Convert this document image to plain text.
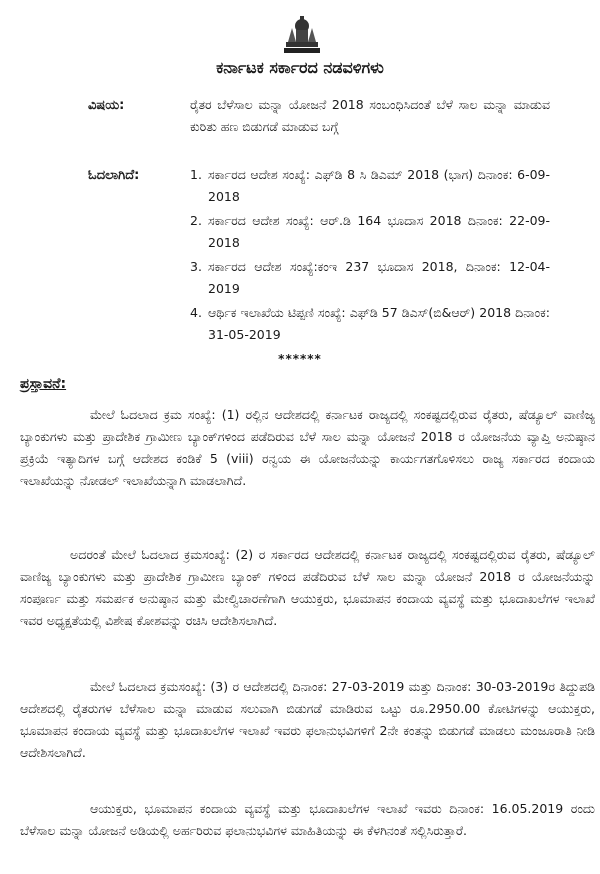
ಕರ್ನಾಟಕ ಸರ್ಕಾರದ ನಡವಳಿಗಳು
ವಿಷಯ:	ರೈತರ ಬೆಳೆಸಾಲ ಮನ್ನಾ ಯೋಜನೆ 2018 ಸಂಬಂಧಿಸಿದಂತೆ ಬೆಳೆ ಸಾಲ ಮನ್ನಾ ಮಾಡುವ ಕುರಿತು ಹಣ ಬಿಡುಗಡೆ ಮಾಡುವ ಬಗ್ಗೆ
ಓದಲಾಗಿದೆ:	1. ಸರ್ಕಾರದ ಆದೇಶ ಸಂಖ್ಯೆ: ಎಫ್‌ಡಿ 8 ಸಿ ಡಿಎಮ್ 2018 (ಭಾಗ) ದಿನಾಂಕ: 6-09-2018
2. ಸರ್ಕಾರದ ಆದೇಶ ಸಂಖ್ಯೆ: ಆರ್.ಡಿ 164 ಭೂದಾಸ 2018 ದಿನಾಂಕ: 22-09-2018
3. ಸರ್ಕಾರದ ಆದೇಶ ಸಂಖ್ಯೆ:ಕಂಇ 237 ಭೂದಾಸ 2018, ದಿನಾಂಕ: 12-04-2019
4. ಆರ್ಥಿಕ ಇಲಾಖೆಯ ಟಿಪ್ಪಣಿ ಸಂಖ್ಯೆ: ಎಫ್‌ಡಿ 57 ಡಿಎಸ್(ಬಿ&ಆರ್) 2018 ದಿನಾಂಕ: 31-05-2019
******
ಪ್ರಸ್ತಾವನೆ:
ಮೇಲೆ ಓದಲಾದ ಕ್ರಮ ಸಂಖ್ಯೆ: (1) ರಲ್ಲಿನ ಆದೇಶದಲ್ಲಿ ಕರ್ನಾಟಕ ರಾಜ್ಯದಲ್ಲಿ ಸಂಕಷ್ಟದಲ್ಲಿರುವ ರೈತರು, ಷೆಡ್ಯೂಲ್ ವಾಣಿಜ್ಯ ಬ್ಯಾಂಕುಗಳು ಮತ್ತು ಪ್ರಾದೇಶಿಕ ಗ್ರಾಮೀಣ ಬ್ಯಾಂಕ್‌ಗಳಿಂದ ಪಡೆದಿರುವ ಬೆಳೆ ಸಾಲ ಮನ್ನಾ ಯೋಜನೆ 2018 ರ ಯೋಜನೆಯ ವ್ಯಾಪ್ತಿ ಅನುಷ್ಠಾನ ಪ್ರಕ್ರಿಯೆ ಇತ್ಯಾದಿಗಳ ಬಗ್ಗೆ ಆದೇಶದ ಕಂಡಿಕೆ 5 (viii) ರನ್ವಯ ಈ ಯೋಜನೆಯನ್ನು ಕಾರ್ಯಗತಗೊಳಿಸಲು ರಾಜ್ಯ ಸರ್ಕಾರದ ಕಂದಾಯ ಇಲಾಖೆಯನ್ನು ನೋಡಲ್ ಇಲಾಖೆಯನ್ನಾಗಿ ಮಾಡಲಾಗಿದೆ.
ಅದರಂತೆ ಮೇಲೆ ಓದಲಾದ ಕ್ರಮಸಂಖ್ಯೆ: (2) ರ ಸರ್ಕಾರದ ಆದೇಶದಲ್ಲಿ ಕರ್ನಾಟಕ ರಾಜ್ಯದಲ್ಲಿ ಸಂಕಷ್ಟದಲ್ಲಿರುವ ರೈತರು, ಷೆಡ್ಯೂಲ್ ವಾಣಿಜ್ಯ ಬ್ಯಾಂಕುಗಳು ಮತ್ತು ಪ್ರಾದೇಶಿಕ ಗ್ರಾಮೀಣ ಬ್ಯಾಂಕ್ ಗಳಿಂದ ಪಡೆದಿರುವ ಬೆಳೆ ಸಾಲ ಮನ್ನಾ ಯೋಜನೆ 2018 ರ ಯೋಜನೆಯನ್ನು ಸಂಪೂರ್ಣ ಮತ್ತು ಸಮರ್ಪಕ ಅನುಷ್ಠಾನ ಮತ್ತು ಮೇಲ್ವಿಚಾರಣೆಗಾಗಿ ಆಯುಕ್ತರು, ಭೂಮಾಪನ ಕಂದಾಯ ವ್ಯವಸ್ಥೆ ಮತ್ತು ಭೂದಾಖಲೆಗಳ ಇಲಾಖೆ ಇವರ ಅಧ್ಯಕ್ಷತೆಯಲ್ಲಿ ವಿಶೇಷ ಕೋಶವನ್ನು ರಚಿಸಿ ಆದೇಶಿಸಲಾಗಿದೆ.
ಮೇಲೆ ಓದಲಾದ ಕ್ರಮಸಂಖ್ಯೆ: (3) ರ ಆದೇಶದಲ್ಲಿ ದಿನಾಂಕ: 27-03-2019 ಮತ್ತು ದಿನಾಂಕ: 30-03-2019ರ ತಿದ್ದುಪಡಿ ಆದೇಶದಲ್ಲಿ ರೈತರುಗಳ ಬೆಳೆಸಾಲ ಮನ್ನಾ ಮಾಡುವ ಸಲುವಾಗಿ ಬಿಡುಗಡೆ ಮಾಡಿರುವ ಒಟ್ಟು ರೂ.2950.00 ಕೋಟಿಗಳನ್ನು ಆಯುಕ್ತರು, ಭೂಮಾಪನ ಕಂದಾಯ ವ್ಯವಸ್ಥೆ ಮತ್ತು ಭೂದಾಖಲೆಗಳ ಇಲಾಖೆ ಇವರು ಫಲಾನುಭವಿಗಳಿಗೆ 2ನೇ ಕಂತನ್ನು ಬಿಡುಗಡೆ ಮಾಡಲು ಮಂಜೂರಾತಿ ನೀಡಿ ಆದೇಶಿಸಲಾಗಿದೆ.
ಆಯುಕ್ತರು, ಭೂಮಾಪನ ಕಂದಾಯ ವ್ಯವಸ್ಥೆ ಮತ್ತು ಭೂದಾಖಲೆಗಳ ಇಲಾಖೆ ಇವರು ದಿನಾಂಕ: 16.05.2019 ರಂದು ಬೆಳೆಸಾಲ ಮನ್ನಾ ಯೋಜನೆ ಅಡಿಯಲ್ಲಿ ಅರ್ಹರಿರುವ ಫಲಾನುಭವಿಗಳ ಮಾಹಿತಿಯನ್ನು ಈ ಕೆಳಗಿನಂತೆ ಸಲ್ಲಿಸಿರುತ್ತಾರೆ.
